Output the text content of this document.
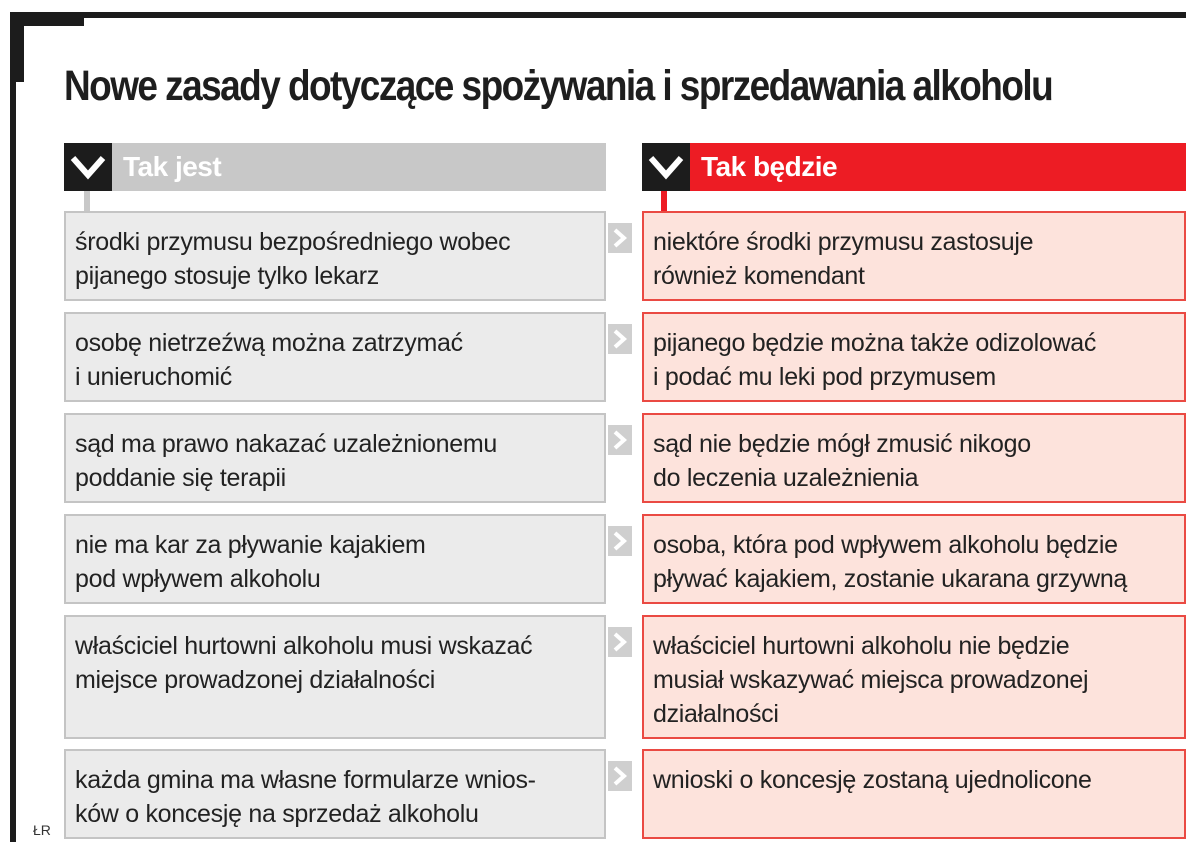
Nowe zasady dotyczące spożywania i sprzedawania alkoholu
Tak jest	Tak będzie
środki przymusu bezpośredniego wobec
pijanego stosuje tylko lekarz
niektóre środki przymusu zastosuje
również komendant
osobę nietrzeźwą można zatrzymać
i unieruchomić
pijanego będzie można także odizolować
i podać mu leki pod przymusem
sąd ma prawo nakazać uzależnionemu
poddanie się terapii
sąd nie będzie mógł zmusić nikogo
do leczenia uzależnienia
nie ma kar za pływanie kajakiem
pod wpływem alkoholu
osoba, która pod wpływem alkoholu będzie
pływać kajakiem, zostanie ukarana grzywną
właściciel hurtowni alkoholu musi wskazać
miejsce prowadzonej działalności
właściciel hurtowni alkoholu nie będzie
musiał wskazywać miejsca prowadzonej
działalności
każda gmina ma własne formularze wnios-
ków o koncesję na sprzedaż alkoholu
wnioski o koncesję zostaną ujednolicone
ŁR
